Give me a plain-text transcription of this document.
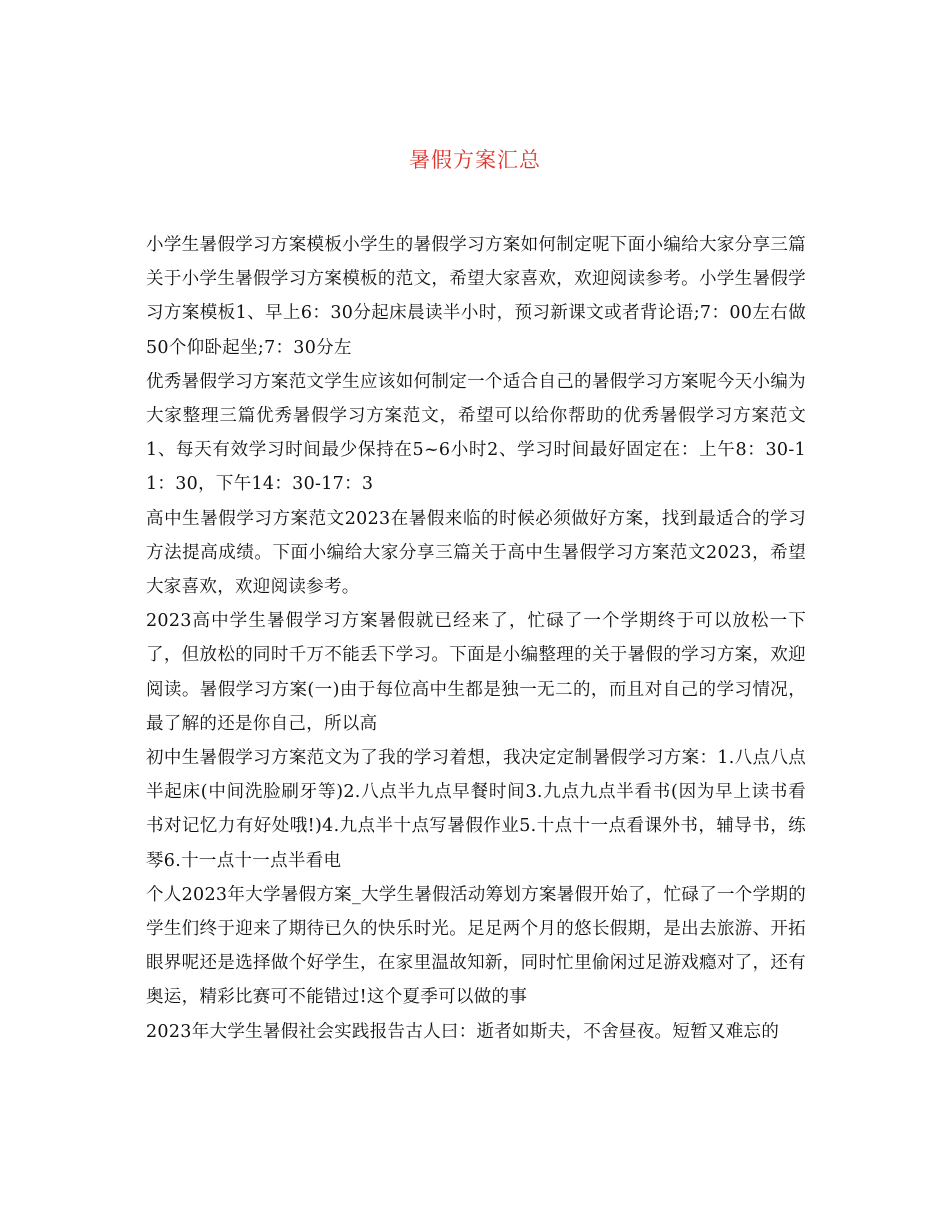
暑假方案汇总

小学生暑假学习方案模板小学生的暑假学习方案如何制定呢下面小编给大家分享三篇关于小学生暑假学习方案模板的范文，希望大家喜欢，欢迎阅读参考。小学生暑假学习方案模板1、早上6：30分起床晨读半小时，预习新课文或者背论语;7：00左右做50个仰卧起坐;7：30分左

优秀暑假学习方案范文学生应该如何制定一个适合自己的暑假学习方案呢今天小编为大家整理三篇优秀暑假学习方案范文，希望可以给你帮助的优秀暑假学习方案范文1、每天有效学习时间最少保持在5~6小时2、学习时间最好固定在：上午8：30-11：30，下午14：30-17：3

高中生暑假学习方案范文2023在暑假来临的时候必须做好方案，找到最适合的学习方法提高成绩。下面小编给大家分享三篇关于高中生暑假学习方案范文2023，希望大家喜欢，欢迎阅读参考。

2023高中学生暑假学习方案暑假就已经来了，忙碌了一个学期终于可以放松一下了，但放松的同时千万不能丢下学习。下面是小编整理的关于暑假的学习方案，欢迎阅读。暑假学习方案(一)由于每位高中生都是独一无二的，而且对自己的学习情况，最了解的还是你自己，所以高

初中生暑假学习方案范文为了我的学习着想，我决定定制暑假学习方案：1.八点八点半起床(中间洗脸刷牙等)2.八点半九点早餐时间3.九点九点半看书(因为早上读书看书对记忆力有好处哦!)4.九点半十点写暑假作业5.十点十一点看课外书，辅导书，练琴6.十一点十一点半看电

个人2023年大学暑假方案_大学生暑假活动筹划方案暑假开始了，忙碌了一个学期的学生们终于迎来了期待已久的快乐时光。足足两个月的悠长假期，是出去旅游、开拓眼界呢还是选择做个好学生，在家里温故知新，同时忙里偷闲过足游戏瘾对了，还有奥运，精彩比赛可不能错过!这个夏季可以做的事

2023年大学生暑假社会实践报告古人曰：逝者如斯夫，不舍昼夜。短暂又难忘的
